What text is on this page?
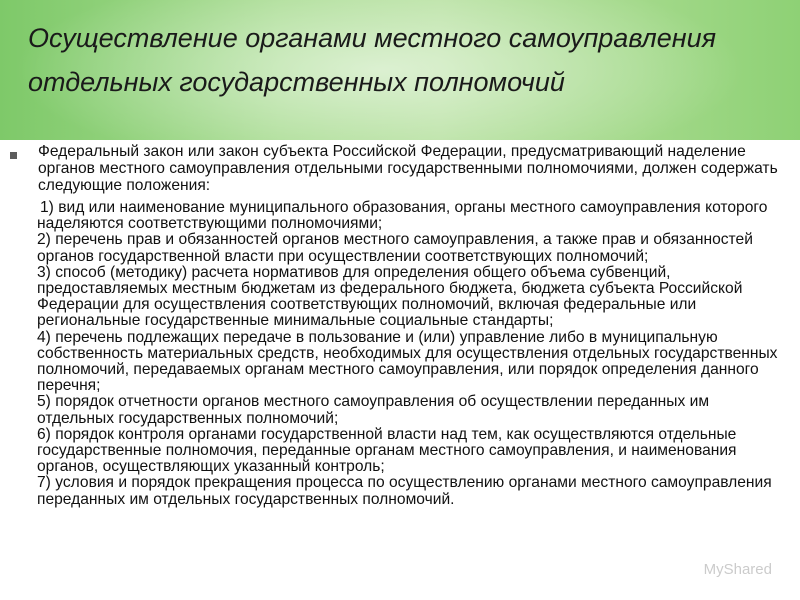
Осуществление органами местного самоуправления
отдельных государственных полномочий

Федеральный закон или закон субъекта Российской Федерации, предусматривающий наделение органов местного самоуправления отдельными государственными полномочиями, должен содержать следующие положения:

1) вид или наименование муниципального образования, органы местного самоуправления которого наделяются соответствующими полномочиями;
2) перечень прав и обязанностей органов местного самоуправления, а также прав и обязанностей органов государственной власти при осуществлении соответствующих полномочий;
3) способ (методику) расчета нормативов для определения общего объема субвенций, предоставляемых местным бюджетам из федерального бюджета, бюджета субъекта Российской Федерации для осуществления соответствующих полномочий, включая федеральные или региональные государственные минимальные социальные стандарты;
4) перечень подлежащих передаче в пользование и (или) управление либо в муниципальную собственность материальных средств, необходимых для осуществления отдельных государственных полномочий, передаваемых органам местного самоуправления, или порядок определения данного перечня;
5) порядок отчетности органов местного самоуправления об осуществлении переданных им отдельных государственных полномочий;
6) порядок контроля органами государственной власти над тем, как осуществляются отдельные государственные полномочия, переданные органам местного самоуправления, и наименования органов, осуществляющих указанный контроль;
7) условия и порядок прекращения процесса по осуществлению органами местного самоуправления переданных им отдельных государственных полномочий.
MyShared
